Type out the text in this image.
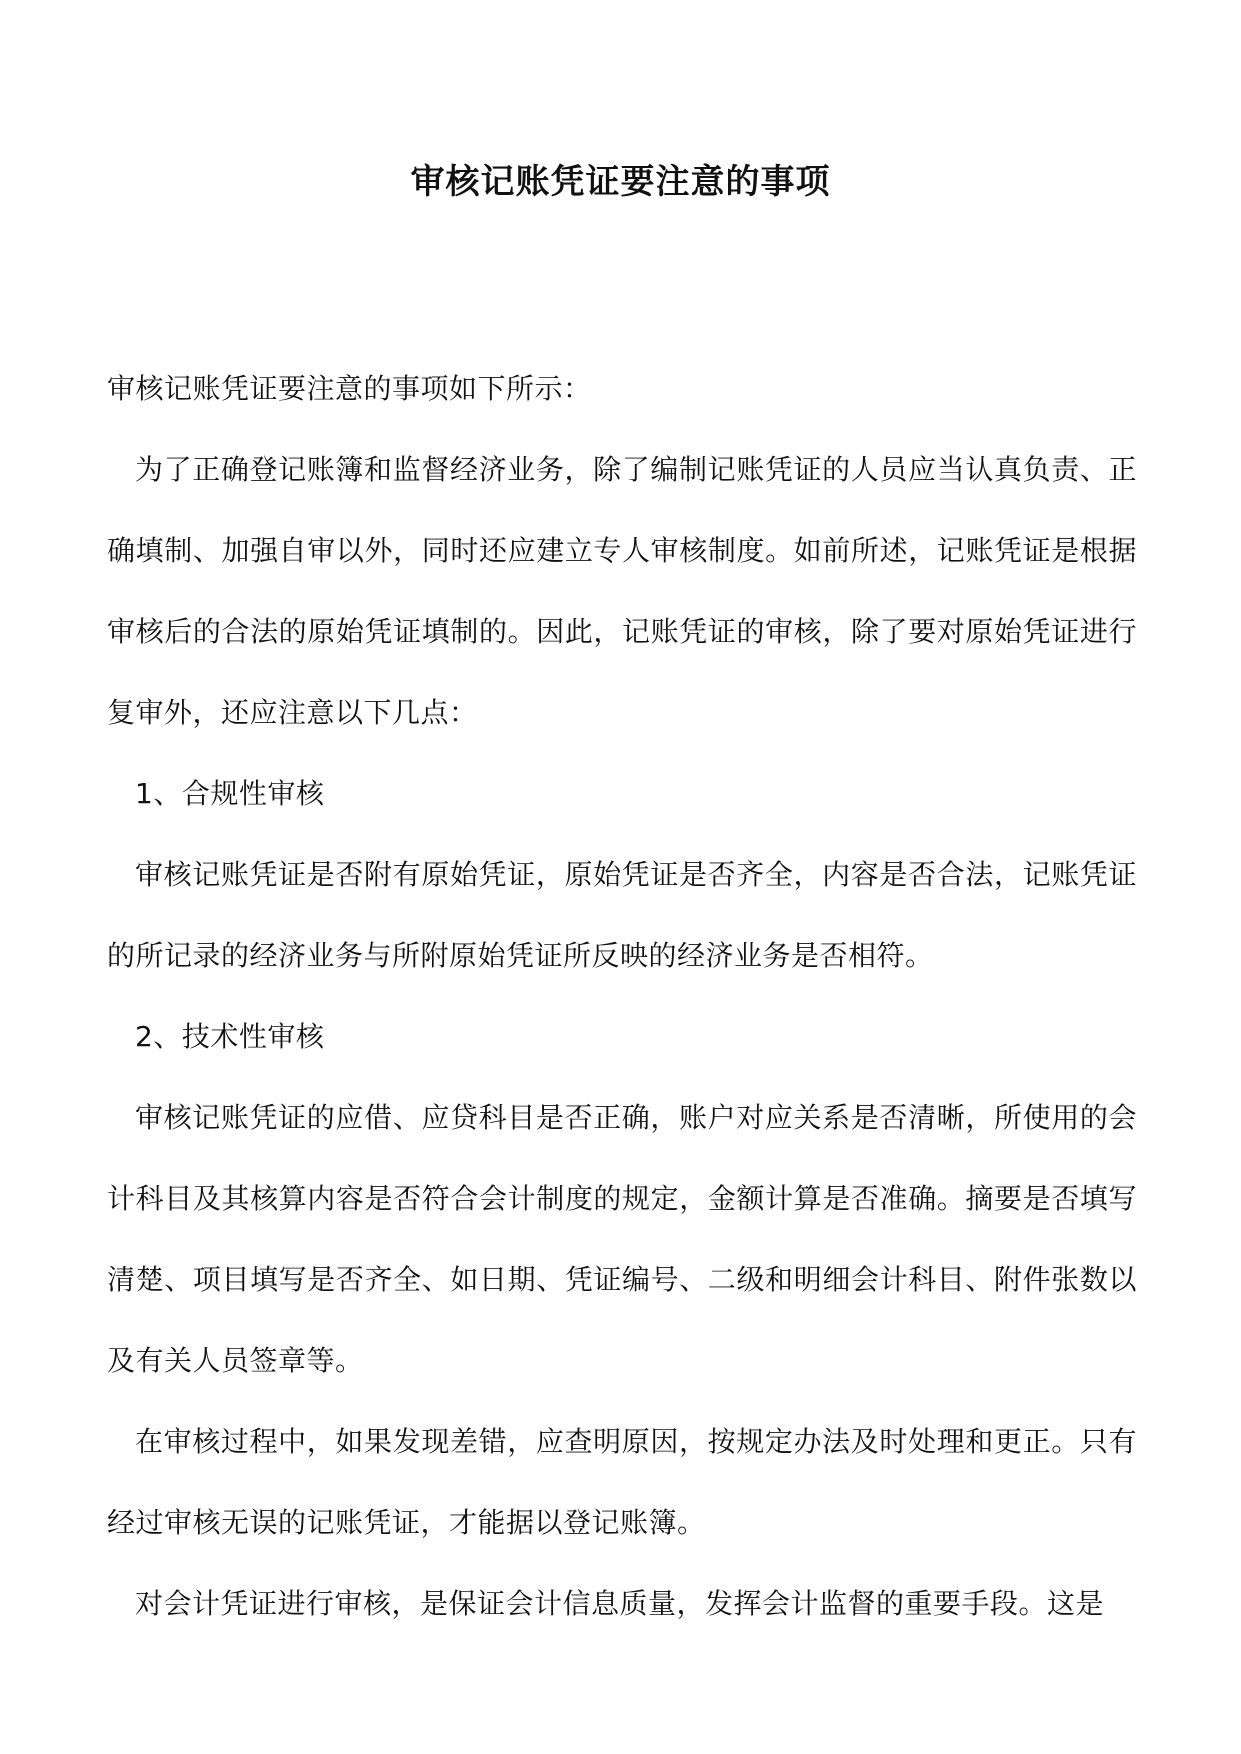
审核记账凭证要注意的事项

审核记账凭证要注意的事项如下所示：

为了正确登记账簿和监督经济业务，除了编制记账凭证的人员应当认真负责、正确填制、加强自审以外，同时还应建立专人审核制度。如前所述，记账凭证是根据审核后的合法的原始凭证填制的。因此，记账凭证的审核，除了要对原始凭证进行复审外，还应注意以下几点：

1、合规性审核

审核记账凭证是否附有原始凭证，原始凭证是否齐全，内容是否合法，记账凭证的所记录的经济业务与所附原始凭证所反映的经济业务是否相符。

2、技术性审核

审核记账凭证的应借、应贷科目是否正确，账户对应关系是否清晰，所使用的会计科目及其核算内容是否符合会计制度的规定，金额计算是否准确。摘要是否填写清楚、项目填写是否齐全、如日期、凭证编号、二级和明细会计科目、附件张数以及有关人员签章等。

在审核过程中，如果发现差错，应查明原因，按规定办法及时处理和更正。只有经过审核无误的记账凭证，才能据以登记账簿。

对会计凭证进行审核，是保证会计信息质量，发挥会计监督的重要手段。这是
